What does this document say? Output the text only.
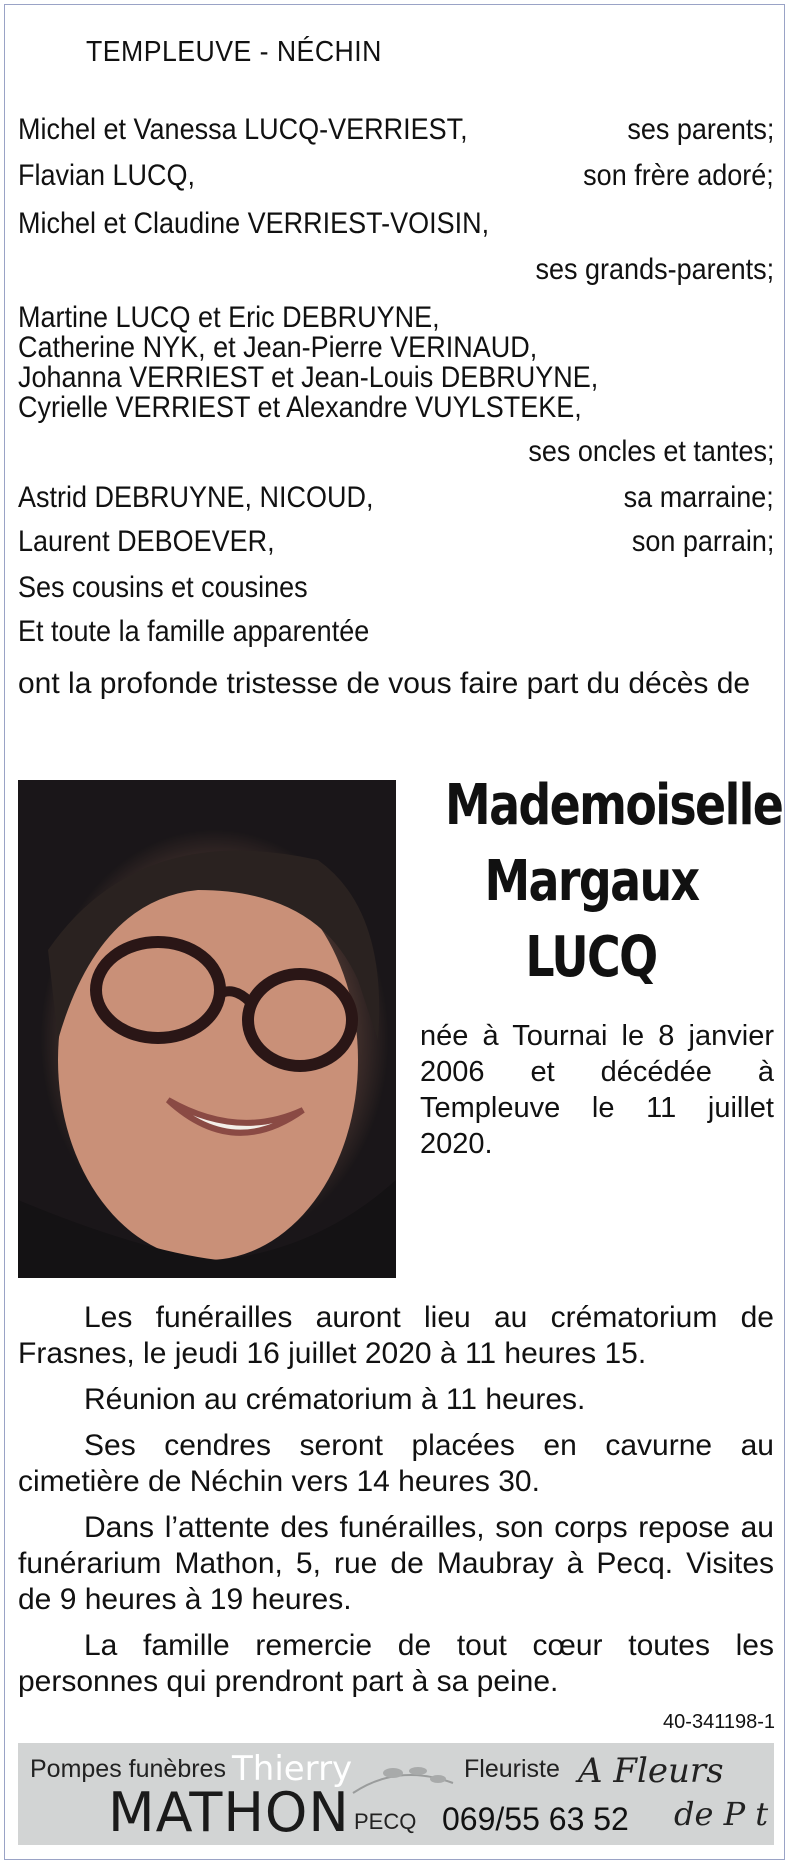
TEMPLEUVE - NÉCHIN
Michel et Vanessa LUCQ-VERRIEST,	ses parents;
Flavian LUCQ,	son frère adoré;
Michel et Claudine VERRIEST-VOISIN,
ses grands-parents;
Martine LUCQ et Eric DEBRUYNE,
Catherine NYK, et Jean-Pierre VERINAUD,
Johanna VERRIEST et Jean-Louis DEBRUYNE,
Cyrielle VERRIEST et Alexandre VUYLSTEKE,
ses oncles et tantes;
Astrid DEBRUYNE, NICOUD,	sa marraine;
Laurent DEBOEVER,	son parrain;
Ses cousins et cousines
Et toute la famille apparentée
ont la profonde tristesse de vous faire part du décès de
Mademoiselle
Margaux
LUCQ
née à Tournai le 8 janvier 2006 et décédée à Templeuve le 11 juillet 2020.
Les funérailles auront lieu au crématorium de Frasnes, le jeudi 16 juillet 2020 à 11 heures 15.
Réunion au crématorium à 11 heures.
Ses cendres seront placées en cavurne au cimetière de Néchin vers 14 heures 30.
Dans l’attente des funérailles, son corps repose au funérarium Mathon, 5, rue de Maubray à Pecq. Visites de 9 heures à 19 heures.
La famille remercie de tout cœur toutes les personnes qui prendront part à sa peine.
40-341198-1
Pompes funèbres Thierry
MATHON PECQ 069/55 63 52
Fleuriste A Fleurs
de P t
